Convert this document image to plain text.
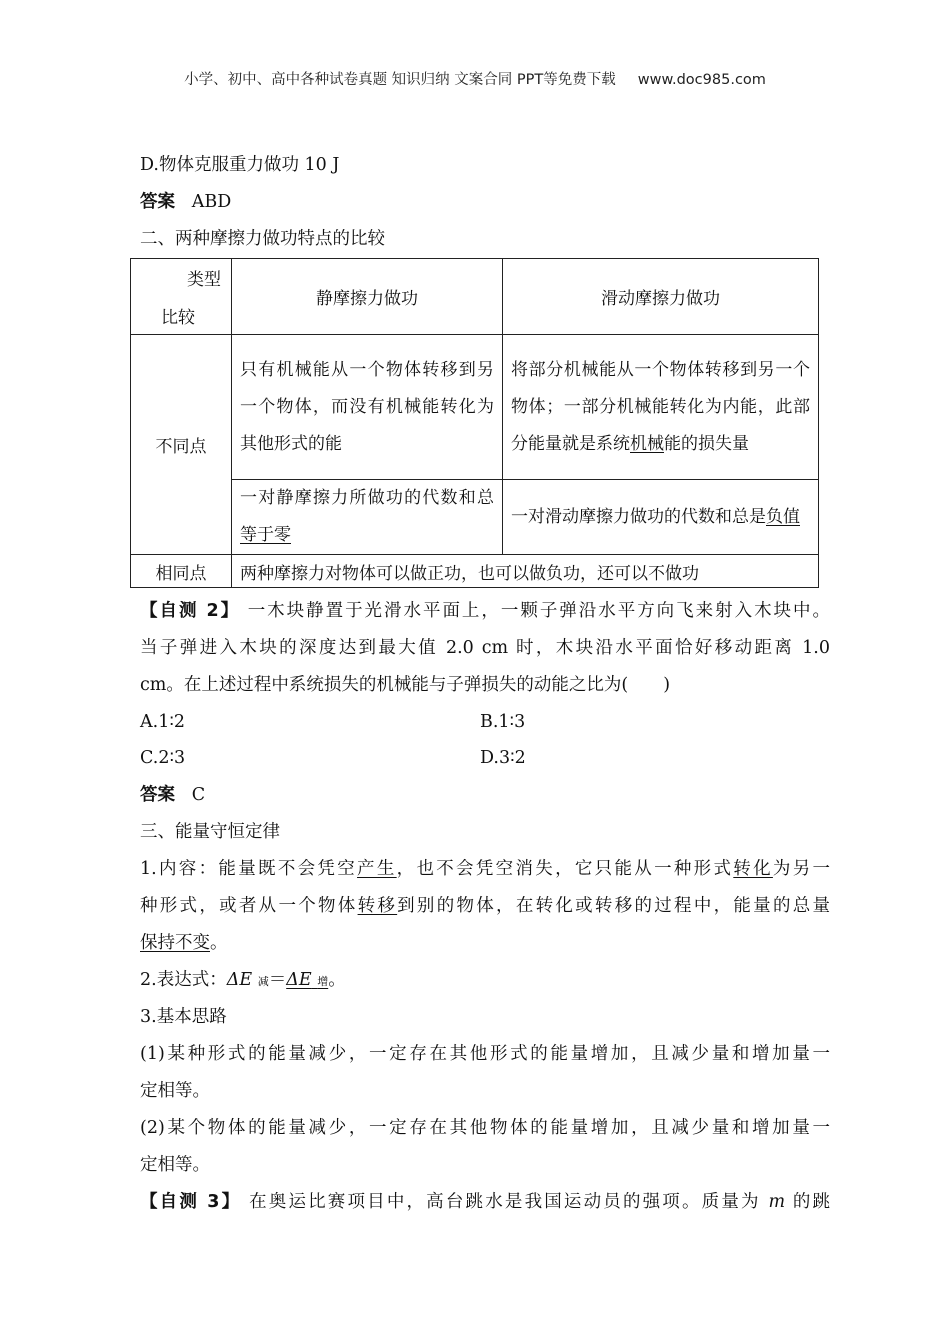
小学、初中、高中各种试卷真题 知识归纳 文案合同 PPT等免费下载 www.doc985.com
D.物体克服重力做功 10 J
答案 ABD
二、两种摩擦力做功特点的比较
类型
比较	静摩擦力做功	滑动摩擦力做功
不同点	只有机械能从一个物体转移到另一个物体，而没有机械能转化为其他形式的能	将部分机械能从一个物体转移到另一个物体；一部分机械能转化为内能，此部分能量就是系统机械能的损失量
	一对静摩擦力所做功的代数和总等于零	一对滑动摩擦力做功的代数和总是负值
相同点	两种摩擦力对物体可以做正功，也可以做负功，还可以不做功	
【自测 2】 一木块静置于光滑水平面上，一颗子弹沿水平方向飞来射入木块中。
当子弹进入木块的深度达到最大值 2.0 cm 时，木块沿水平面恰好移动距离 1.0
cm。在上述过程中系统损失的机械能与子弹损失的动能之比为(　　)
A.1∶2	B.1∶3
C.2∶3	D.3∶2
答案 C
三、能量守恒定律
1.内容：能量既不会凭空产生，也不会凭空消失，它只能从一种形式转化为另一
种形式，或者从一个物体转移到别的物体，在转化或转移的过程中，能量的总量
保持不变。
2.表达式：ΔE 减＝ΔE 增。
3.基本思路
(1)某种形式的能量减少，一定存在其他形式的能量增加，且减少量和增加量一
定相等。
(2)某个物体的能量减少，一定存在其他物体的能量增加，且减少量和增加量一
定相等。
【自测 3】 在奥运比赛项目中，高台跳水是我国运动员的强项。质量为 m 的跳
